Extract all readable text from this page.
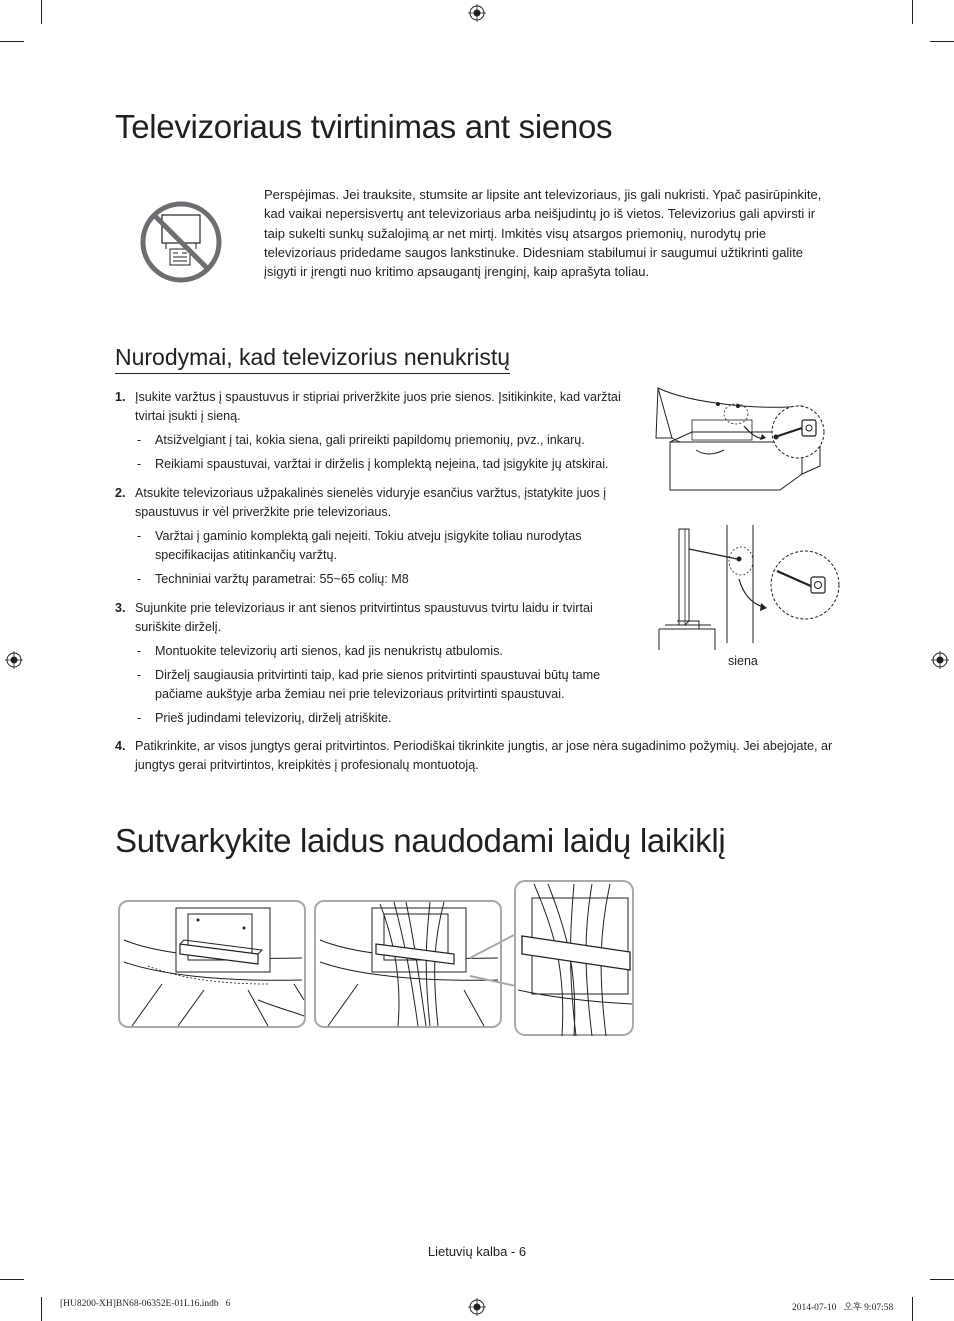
Televizoriaus tvirtinimas ant sienos
Perspėjimas. Jei trauksite, stumsite ar lipsite ant televizoriaus, jis gali nukristi. Ypač pasirūpinkite, kad vaikai nepersisvertų ant televizoriaus arba neišjudintų jo iš vietos. Televizorius gali apvirsti ir taip sukelti sunkų sužalojimą ar net mirtį. Imkitės visų atsargos priemonių, nurodytų prie televizoriaus pridedame saugos lankstinuke. Didesniam stabilumui ir saugumui užtikrinti galite įsigyti ir įrengti nuo kritimo apsaugantį įrenginį, kaip aprašyta toliau.
Nurodymai, kad televizorius nenukristų
1. Įsukite varžtus į spaustuvus ir stipriai priveržkite juos prie sienos. Įsitikinkite, kad varžtai tvirtai įsukti į sieną.
- Atsižvelgiant į tai, kokia siena, gali prireikti papildomų priemonių, pvz., inkarų.
- Reikiami spaustuvai, varžtai ir dirželis į komplektą neįeina, tad įsigykite jų atskirai.
2. Atsukite televizoriaus užpakalinės sienelės viduryje esančius varžtus, įstatykite juos į spaustuvus ir vėl priveržkite prie televizoriaus.
- Varžtai į gaminio komplektą gali neįeiti. Tokiu atveju įsigykite toliau nurodytas specifikacijas atitinkančių varžtų.
- Techniniai varžtų parametrai: 55~65 colių: M8
3. Sujunkite prie televizoriaus ir ant sienos pritvirtintus spaustuvus tvirtu laidu ir tvirtai suriškite dirželį.
- Montuokite televizorių arti sienos, kad jis nenukristų atbulomis.
- Dirželį saugiausia pritvirtinti taip, kad prie sienos pritvirtinti spaustuvai būtų tame pačiame aukštyje arba žemiau nei prie televizoriaus pritvirtinti spaustuvai.
- Prieš judindami televizorių, dirželį atriškite.
4. Patikrinkite, ar visos jungtys gerai pritvirtintos. Periodiškai tikrinkite jungtis, ar jose nėra sugadinimo požymių. Jei abejojate, ar jungtys gerai pritvirtintos, kreipkitės į profesionalų montuotoją.
siena
Sutvarkykite laidus naudodami laidų laikiklį
Lietuvių kalba - 6
[HU8200-XH]BN68-06352E-01L16.indb   6	2014-07-10   오후 9:07:58
